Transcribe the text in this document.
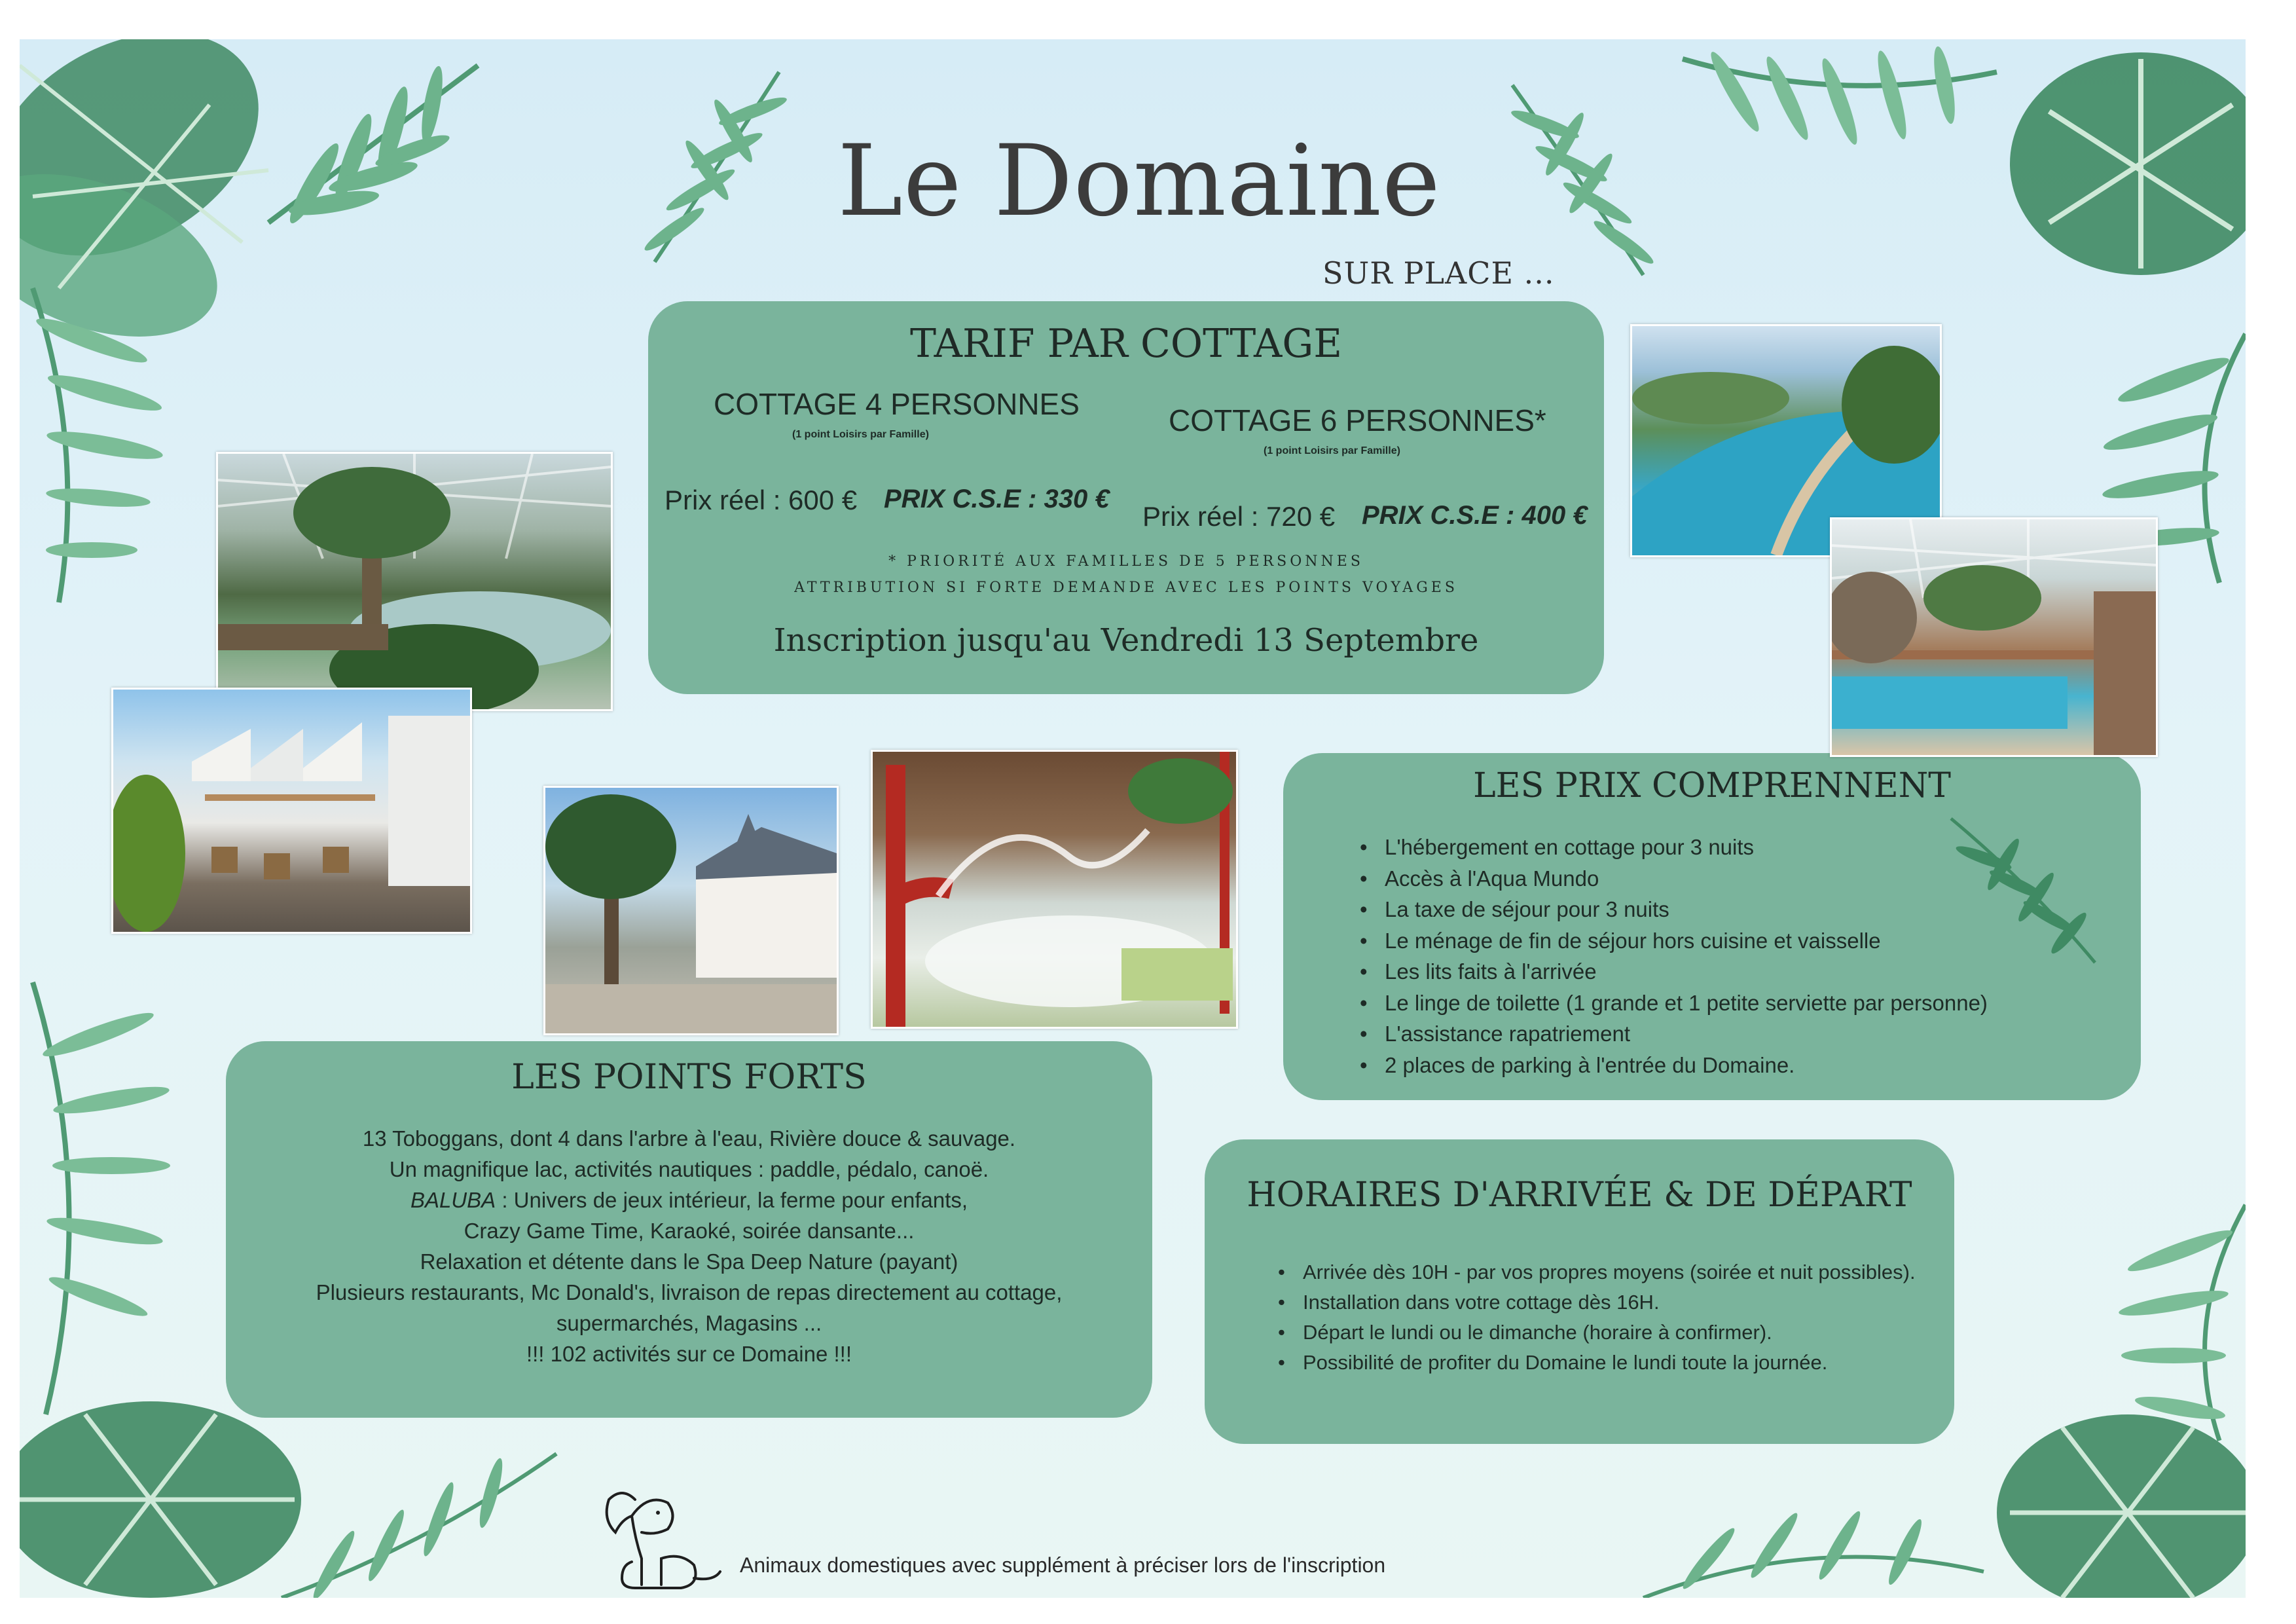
Le Domaine
SUR PLACE ...
TARIF PAR COTTAGE
COTTAGE 4 PERSONNES
(1 point Loisirs par Famille)
Prix réel : 600 € PRIX C.S.E : 330 €
COTTAGE 6 PERSONNES*
(1 point Loisirs par Famille)
Prix réel : 720 € PRIX C.S.E : 400 €
* PRIORITÉ AUX FAMILLES DE 5 PERSONNES
ATTRIBUTION SI FORTE DEMANDE AVEC LES POINTS VOYAGES
Inscription jusqu'au Vendredi 13 Septembre
LES PRIX COMPRENNENT
• L'hébergement en cottage pour 3 nuits
• Accès à l'Aqua Mundo
• La taxe de séjour pour 3 nuits
• Le ménage de fin de séjour hors cuisine et vaisselle
• Les lits faits à l'arrivée
• Le linge de toilette (1 grande et 1 petite serviette par personne)
• L'assistance rapatriement
• 2 places de parking à l'entrée du Domaine.
LES POINTS FORTS
13 Toboggans, dont 4 dans l'arbre à l'eau, Rivière douce & sauvage.
Un magnifique lac, activités nautiques : paddle, pédalo, canoë.
BALUBA : Univers de jeux intérieur, la ferme pour enfants,
Crazy Game Time, Karaoké, soirée dansante...
Relaxation et détente dans le Spa Deep Nature (payant)
Plusieurs restaurants, Mc Donald's, livraison de repas directement au cottage,
supermarchés, Magasins ...
!!! 102 activités sur ce Domaine !!!
HORAIRES D'ARRIVÉE & DE DÉPART
• Arrivée dès 10H - par vos propres moyens (soirée et nuit possibles).
• Installation dans votre cottage dès 16H.
• Départ le lundi ou le dimanche (horaire à confirmer).
• Possibilité de profiter du Domaine le lundi toute la journée.
Animaux domestiques avec supplément à préciser lors de l'inscription
